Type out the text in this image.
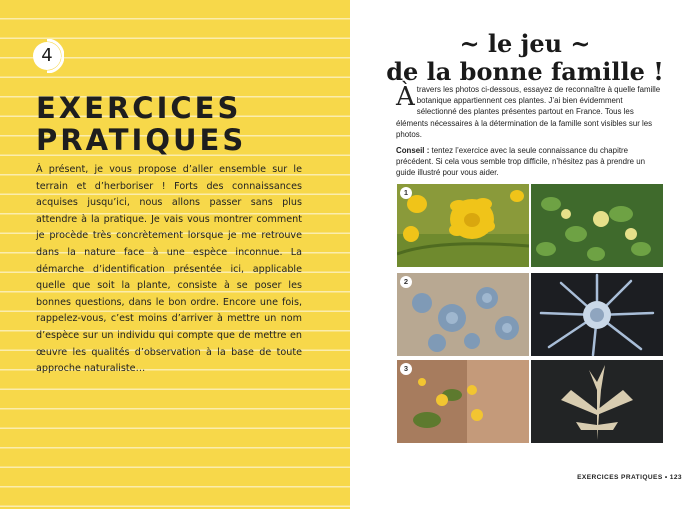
4
EXERCICES
PRATIQUES

À présent, je vous propose d’aller ensemble sur le terrain et d’herboriser ! Forts des connaissances acquises jusqu’ici, nous allons passer sans plus attendre à la pratique. Je vais vous montrer comment je procède très concrètement lorsque je me retrouve dans la nature face à une espèce inconnue. La démarche d’identification présentée ici, applicable quelle que soit la plante, consiste à se poser les bonnes questions, dans le bon ordre. Encore une fois, rappelez-vous, c’est moins d’arriver à mettre un nom d’espèce sur un individu qui compte que de mettre en œuvre les qualités d’observation à la base de toute approche naturaliste…

~ le jeu ~
de la bonne famille !

Àtravers les photos ci-dessous, essayez de reconnaître à quelle famille botanique appartiennent ces plantes. J’ai bien évidemment sélectionné des plantes présentes partout en France. Tous les éléments nécessaires à la détermination de la famille sont visibles sur les photos.

Conseil : tentez l’exercice avec la seule connaissance du chapitre précédent. Si cela vous semble trop difficile, n’hésitez pas à prendre un guide illustré pour vous aider.

1
2
3
EXERCICES PRATIQUES • 123
